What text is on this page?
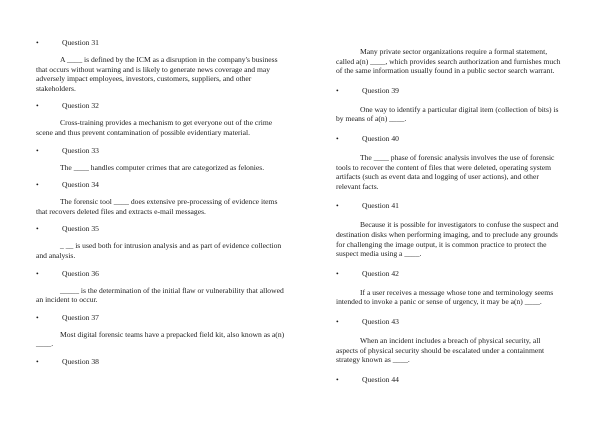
•	Question 31

A ____ is defined by the ICM as a disruption in the company's business that occurs without warning and is likely to generate news coverage and may adversely impact employees, investors, customers, suppliers, and other stakeholders.

•	Question 32

Cross-training provides a mechanism to get everyone out of the crime scene and thus prevent contamination of possible evidentiary material.

•	Question 33

The ____ handles computer crimes that are categorized as felonies.

•	Question 34

The forensic tool ____ does extensive pre-processing of evidence items that recovers deleted files and extracts e-mail messages.

•	Question 35

_ __ is used both for intrusion analysis and as part of evidence collection and analysis.

•	Question 36

_____ is the determination of the initial flaw or vulnerability that allowed an incident to occur.

•	Question 37

Most digital forensic teams have a prepacked field kit, also known as a(n) ____.

•	Question 38

Many private sector organizations require a formal statement, called a(n) ____, which provides search authorization and furnishes much of the same information usually found in a public sector search warrant.

•	Question 39

One way to identify a particular digital item (collection of bits) is by means of a(n) ____.

•	Question 40

The ____ phase of forensic analysis involves the use of forensic tools to recover the content of files that were deleted, operating system artifacts (such as event data and logging of user actions), and other relevant facts.

•	Question 41

Because it is possible for investigators to confuse the suspect and destination disks when performing imaging, and to preclude any grounds for challenging the image output, it is common practice to protect the suspect media using a ____.

•	Question 42

If a user receives a message whose tone and terminology seems intended to invoke a panic or sense of urgency, it may be a(n) ____.

•	Question 43

When an incident includes a breach of physical security, all aspects of physical security should be escalated under a containment strategy known as ____.

•	Question 44
